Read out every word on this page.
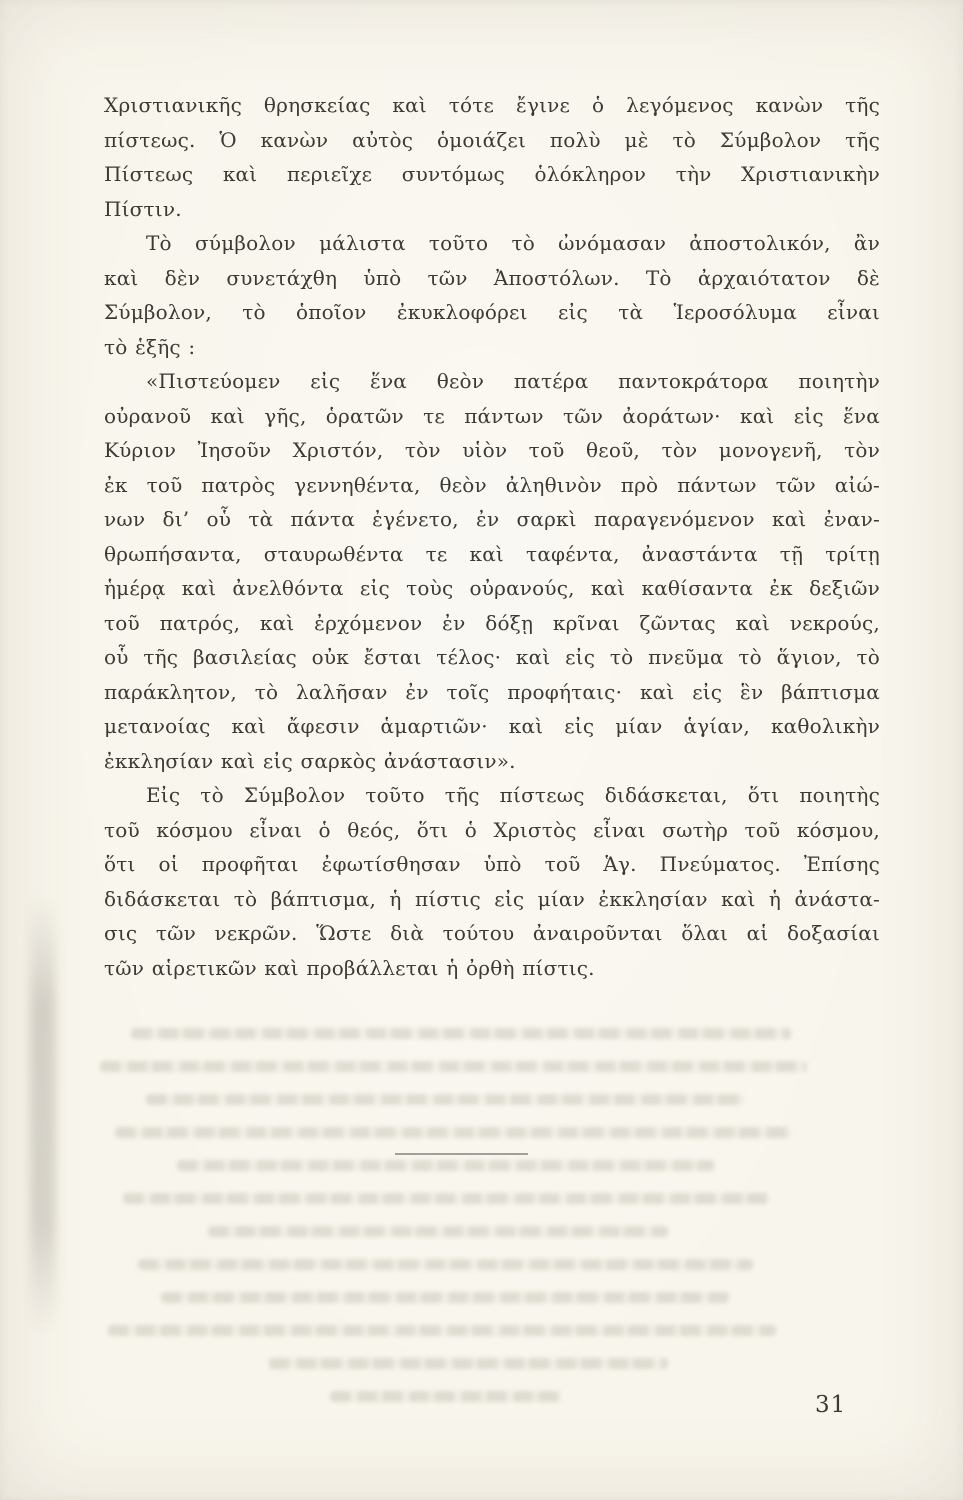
Χριστιανικῆς θρησκείας καὶ τότε ἔγινε ὁ λεγόμενος κανὼν τῆς
πίστεως. Ὁ κανὼν αὐτὸς ὁμοιάζει πολὺ μὲ τὸ Σύμβολον τῆς
Πίστεως καὶ περιεῖχε συντόμως ὁλόκληρον τὴν Χριστιανικὴν
Πίστιν.
Τὸ σύμβολον μάλιστα τοῦτο τὸ ὠνόμασαν ἀποστολικόν, ἂν
καὶ δὲν συνετάχθη ὑπὸ τῶν Ἀποστόλων. Τὸ ἀρχαιότατον δὲ
Σύμβολον, τὸ ὁποῖον ἐκυκλοφόρει εἰς τὰ Ἱεροσόλυμα εἶναι
τὸ ἑξῆς :
«Πιστεύομεν εἰς ἕνα θεὸν πατέρα παντοκράτορα ποιητὴν
οὐρανοῦ καὶ γῆς, ὁρατῶν τε πάντων τῶν ἀοράτων· καὶ εἰς ἕνα
Κύριον Ἰησοῦν Χριστόν, τὸν υἱὸν τοῦ θεοῦ, τὸν μονογενῆ, τὸν
ἐκ τοῦ πατρὸς γεννηθέντα, θεὸν ἀληθινὸν πρὸ πάντων τῶν αἰώ-
νων δι’ οὗ τὰ πάντα ἐγένετο, ἐν σαρκὶ παραγενόμενον καὶ ἐναν-
θρωπήσαντα, σταυρωθέντα τε καὶ ταφέντα, ἀναστάντα τῇ τρίτῃ
ἡμέρᾳ καὶ ἀνελθόντα εἰς τοὺς οὐρανούς, καὶ καθίσαντα ἐκ δεξιῶν
τοῦ πατρός, καὶ ἐρχόμενον ἐν δόξῃ κρῖναι ζῶντας καὶ νεκρούς,
οὗ τῆς βασιλείας οὐκ ἔσται τέλος· καὶ εἰς τὸ πνεῦμα τὸ ἅγιον, τὸ
παράκλητον, τὸ λαλῆσαν ἐν τοῖς προφήταις· καὶ εἰς ἓν βάπτισμα
μετανοίας καὶ ἄφεσιν ἁμαρτιῶν· καὶ εἰς μίαν ἁγίαν, καθολικὴν
ἐκκλησίαν καὶ εἰς σαρκὸς ἀνάστασιν».
Εἰς τὸ Σύμβολον τοῦτο τῆς πίστεως διδάσκεται, ὅτι ποιητὴς
τοῦ κόσμου εἶναι ὁ θεός, ὅτι ὁ Χριστὸς εἶναι σωτὴρ τοῦ κόσμου,
ὅτι οἱ προφῆται ἐφωτίσθησαν ὑπὸ τοῦ Ἁγ. Πνεύματος. Ἐπίσης
διδάσκεται τὸ βάπτισμα, ἡ πίστις εἰς μίαν ἐκκλησίαν καὶ ἡ ἀνάστα-
σις τῶν νεκρῶν. Ὥστε διὰ τούτου ἀναιροῦνται ὅλαι αἱ δοξασίαι
τῶν αἱρετικῶν καὶ προβάλλεται ἡ ὀρθὴ πίστις.
31
